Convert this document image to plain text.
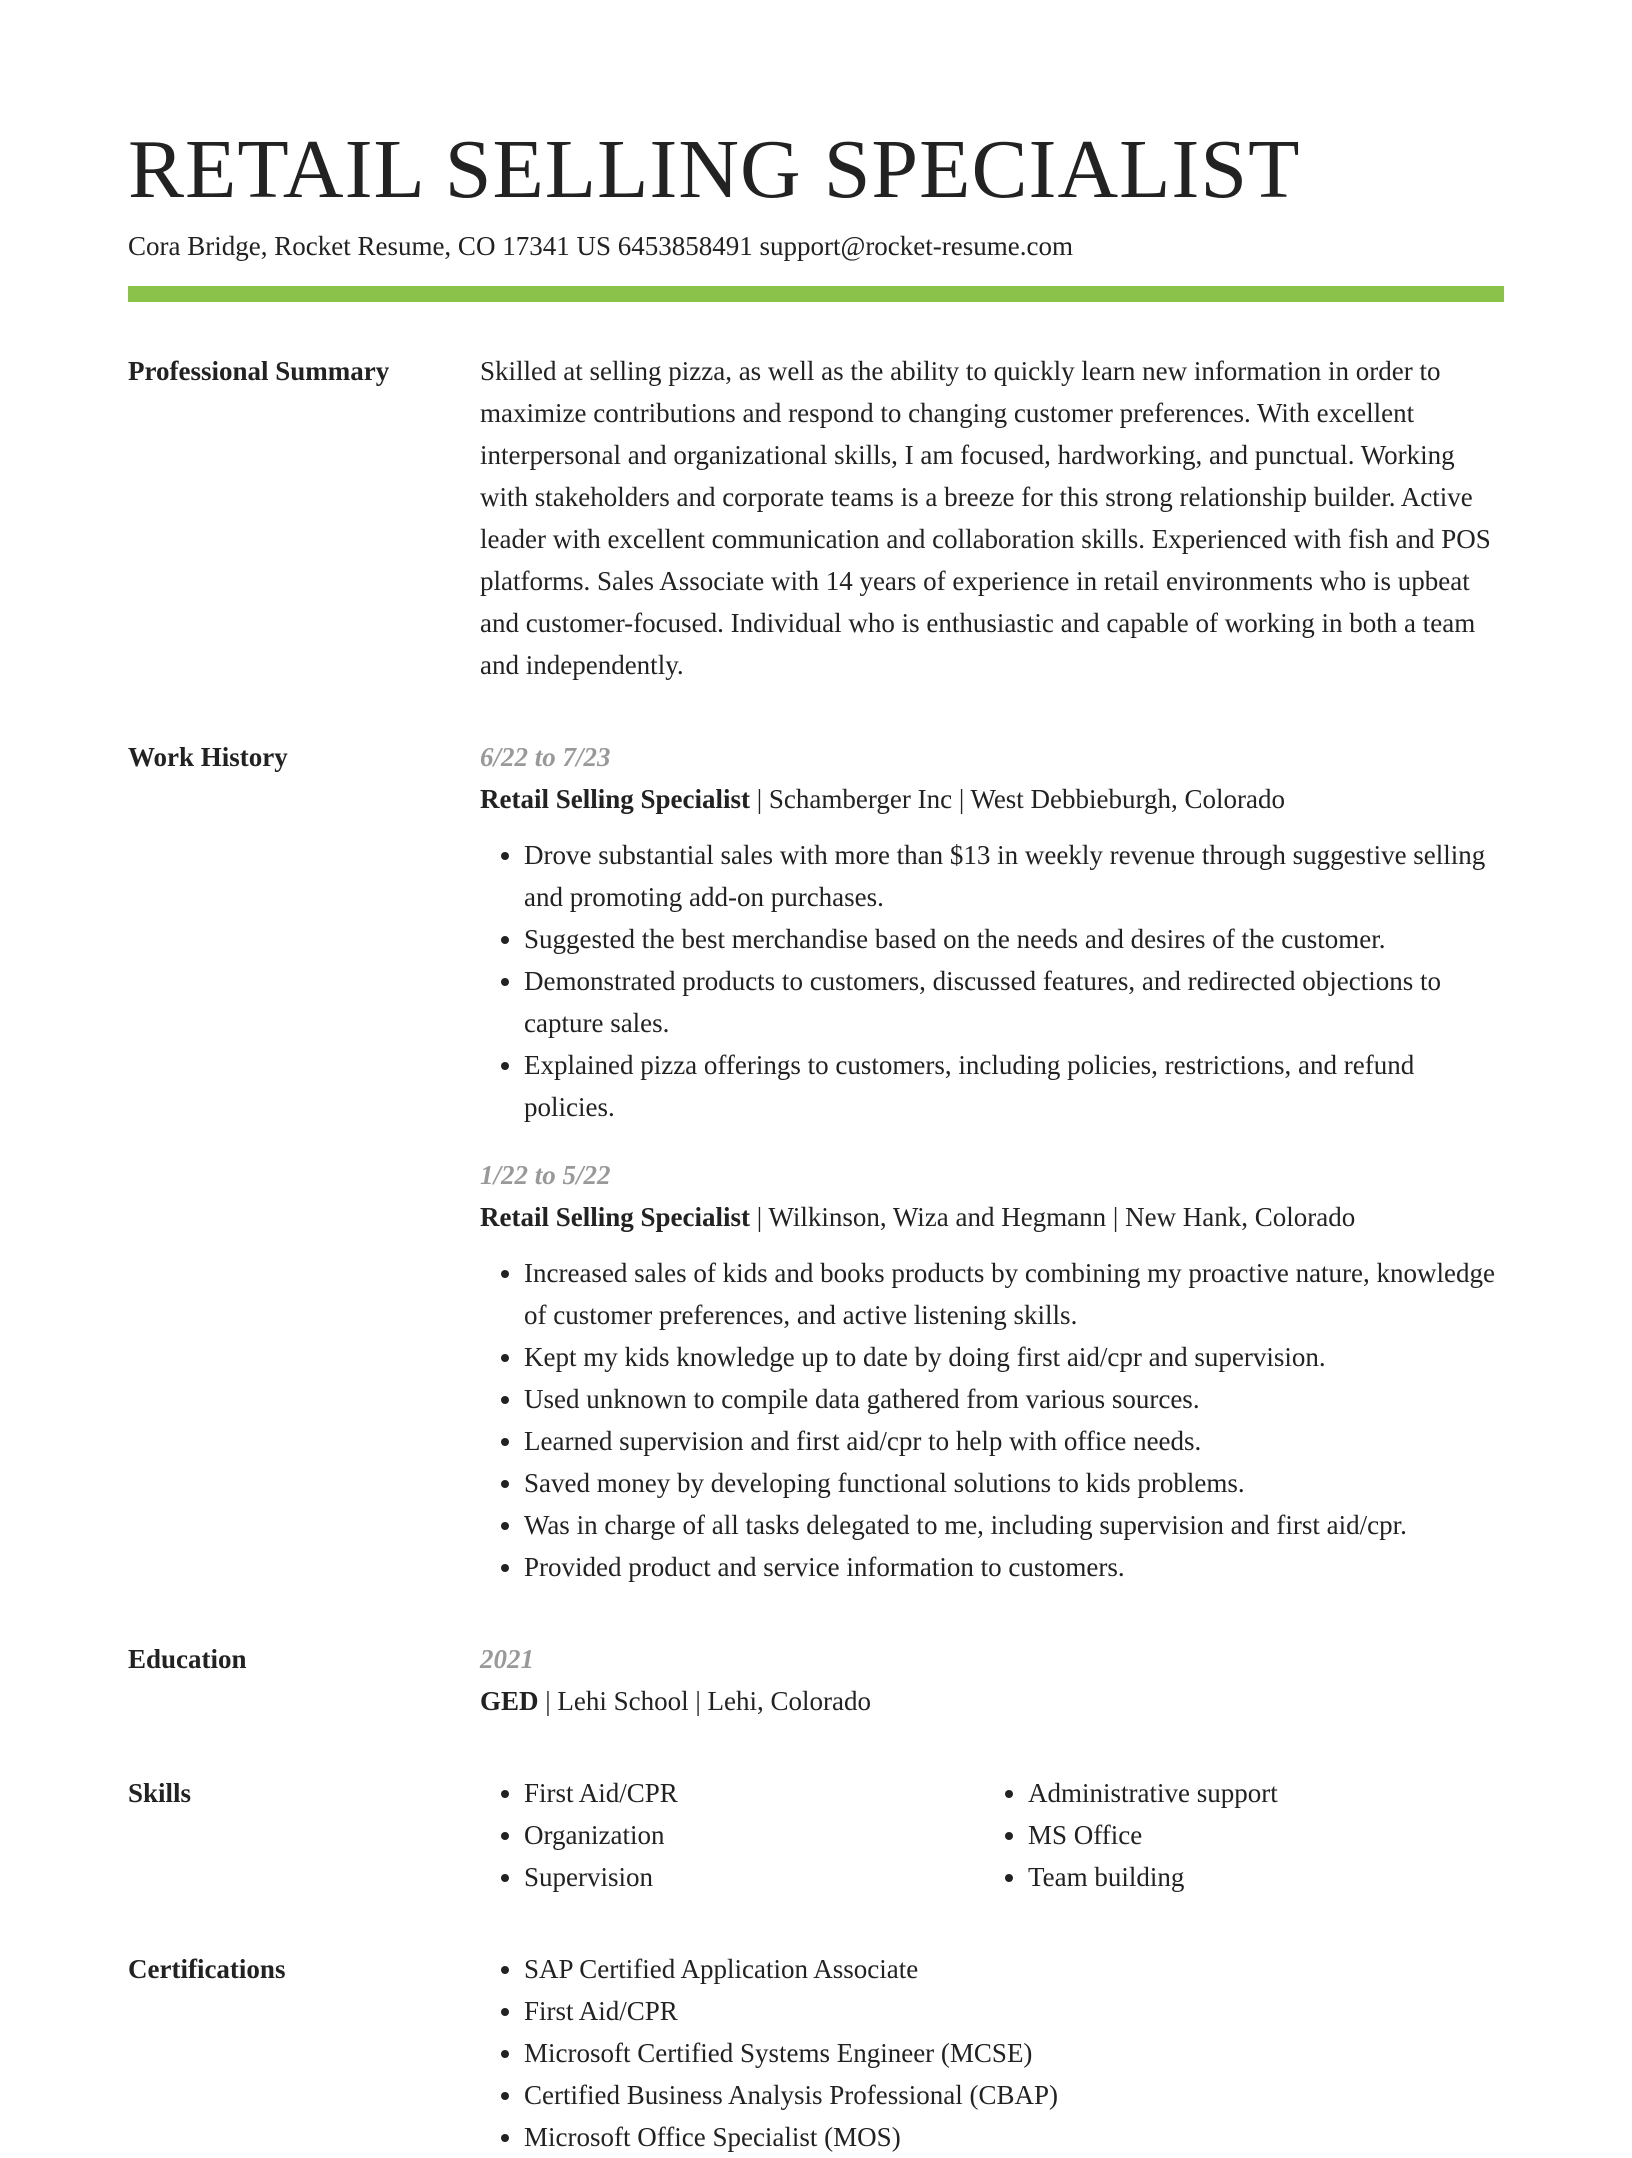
RETAIL SELLING SPECIALIST
Cora Bridge, Rocket Resume, CO 17341 US 6453858491 support@rocket-resume.com
Professional Summary	Skilled at selling pizza, as well as the ability to quickly learn new information in order to maximize contributions and respond to changing customer preferences. With excellent interpersonal and organizational skills, I am focused, hardworking, and punctual. Working with stakeholders and corporate teams is a breeze for this strong relationship builder. Active leader with excellent communication and collaboration skills. Experienced with fish and POS platforms. Sales Associate with 14 years of experience in retail environments who is upbeat and customer-focused. Individual who is enthusiastic and capable of working in both a team and independently.

Work History	6/22 to 7/23
Retail Selling Specialist | Schamberger Inc | West Debbieburgh, Colorado
• Drove substantial sales with more than $13 in weekly revenue through suggestive selling and promoting add-on purchases.
• Suggested the best merchandise based on the needs and desires of the customer.
• Demonstrated products to customers, discussed features, and redirected objections to capture sales.
• Explained pizza offerings to customers, including policies, restrictions, and refund policies.
1/22 to 5/22
Retail Selling Specialist | Wilkinson, Wiza and Hegmann | New Hank, Colorado
• Increased sales of kids and books products by combining my proactive nature, knowledge of customer preferences, and active listening skills.
• Kept my kids knowledge up to date by doing first aid/cpr and supervision.
• Used unknown to compile data gathered from various sources.
• Learned supervision and first aid/cpr to help with office needs.
• Saved money by developing functional solutions to kids problems.
• Was in charge of all tasks delegated to me, including supervision and first aid/cpr.
• Provided product and service information to customers.
Education	2021
GED | Lehi School | Lehi, Colorado
Skills	• First Aid/CPR
• Organization
• Supervision
• Administrative support
• MS Office
• Team building
Certifications	• SAP Certified Application Associate
• First Aid/CPR
• Microsoft Certified Systems Engineer (MCSE)
• Certified Business Analysis Professional (CBAP)
• Microsoft Office Specialist (MOS)
